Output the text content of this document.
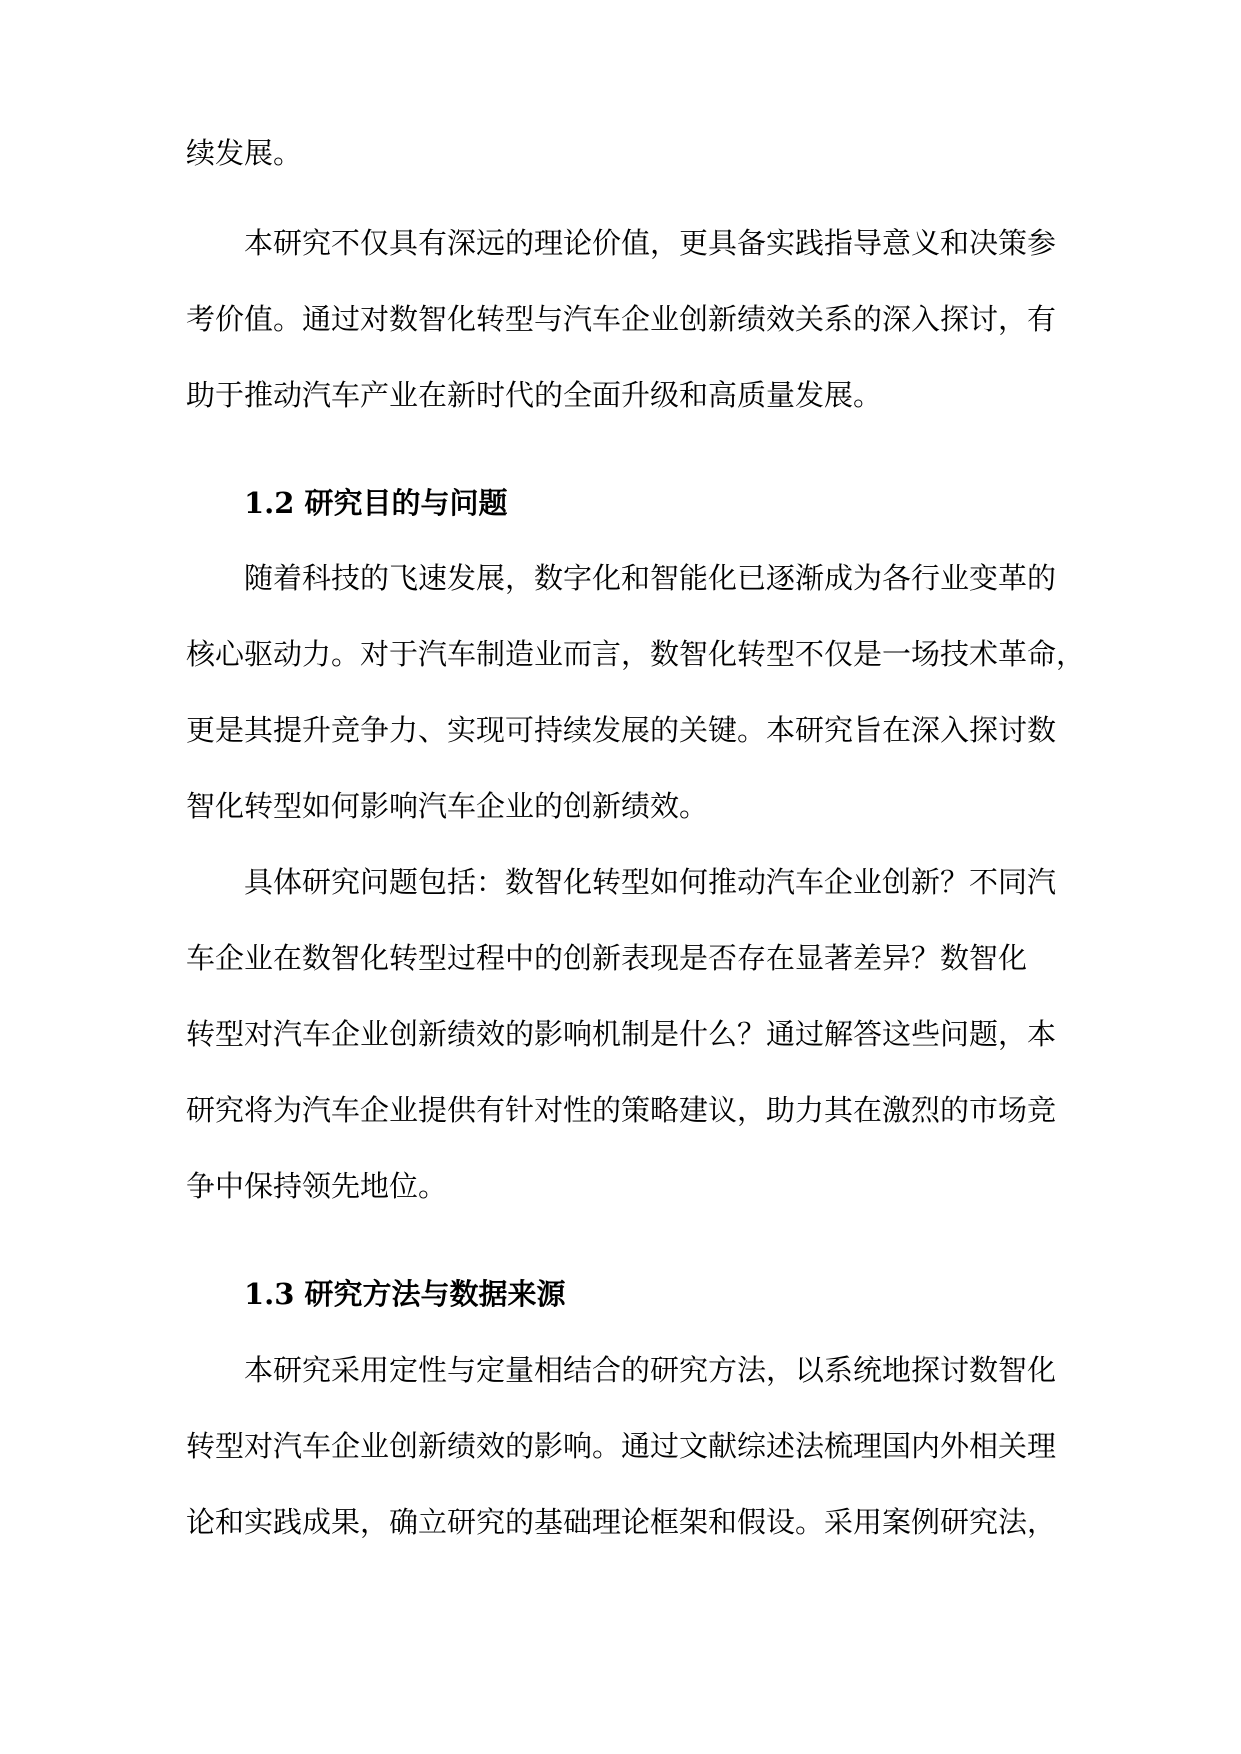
续发展。

本研究不仅具有深远的理论价值，更具备实践指导意义和决策参

考价值。通过对数智化转型与汽车企业创新绩效关系的深入探讨，有

助于推动汽车产业在新时代的全面升级和高质量发展。

1.2 研究目的与问题

随着科技的飞速发展，数字化和智能化已逐渐成为各行业变革的

核心驱动力。对于汽车制造业而言，数智化转型不仅是一场技术革命，

更是其提升竞争力、实现可持续发展的关键。本研究旨在深入探讨数

智化转型如何影响汽车企业的创新绩效。

具体研究问题包括：数智化转型如何推动汽车企业创新？不同汽

车企业在数智化转型过程中的创新表现是否存在显著差异？数智化

转型对汽车企业创新绩效的影响机制是什么？通过解答这些问题，本

研究将为汽车企业提供有针对性的策略建议，助力其在激烈的市场竞

争中保持领先地位。

1.3 研究方法与数据来源

本研究采用定性与定量相结合的研究方法，以系统地探讨数智化

转型对汽车企业创新绩效的影响。通过文献综述法梳理国内外相关理

论和实践成果，确立研究的基础理论框架和假设。采用案例研究法，
